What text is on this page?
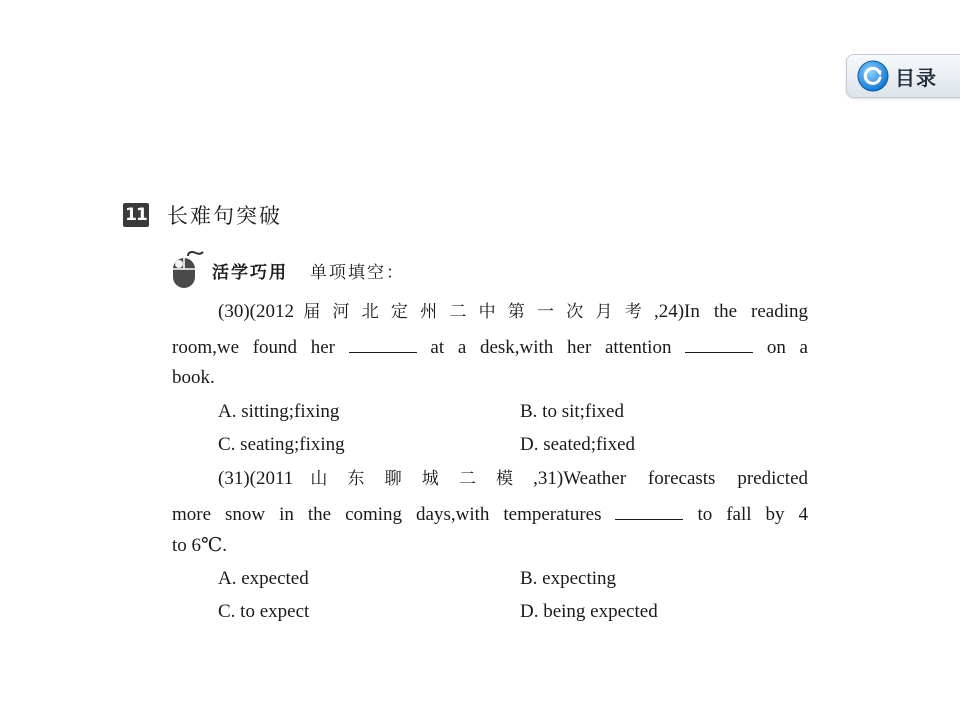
目录
11 长难句突破
活学巧用 单项填空：
(30)(2012届河北定州二中第一次月考,24)In the reading
room,we found her	at a desk,with her attention	on a
book.
A. sitting;fixing	B. to sit;fixed
C. seating;fixing	D. seated;fixed
(31)(2011山东聊城二模,31)Weather forecasts predicted
more snow in the coming days,with temperatures	to fall by 4
to 6℃.
A. expected	B. expecting
C. to expect	D. being expected
